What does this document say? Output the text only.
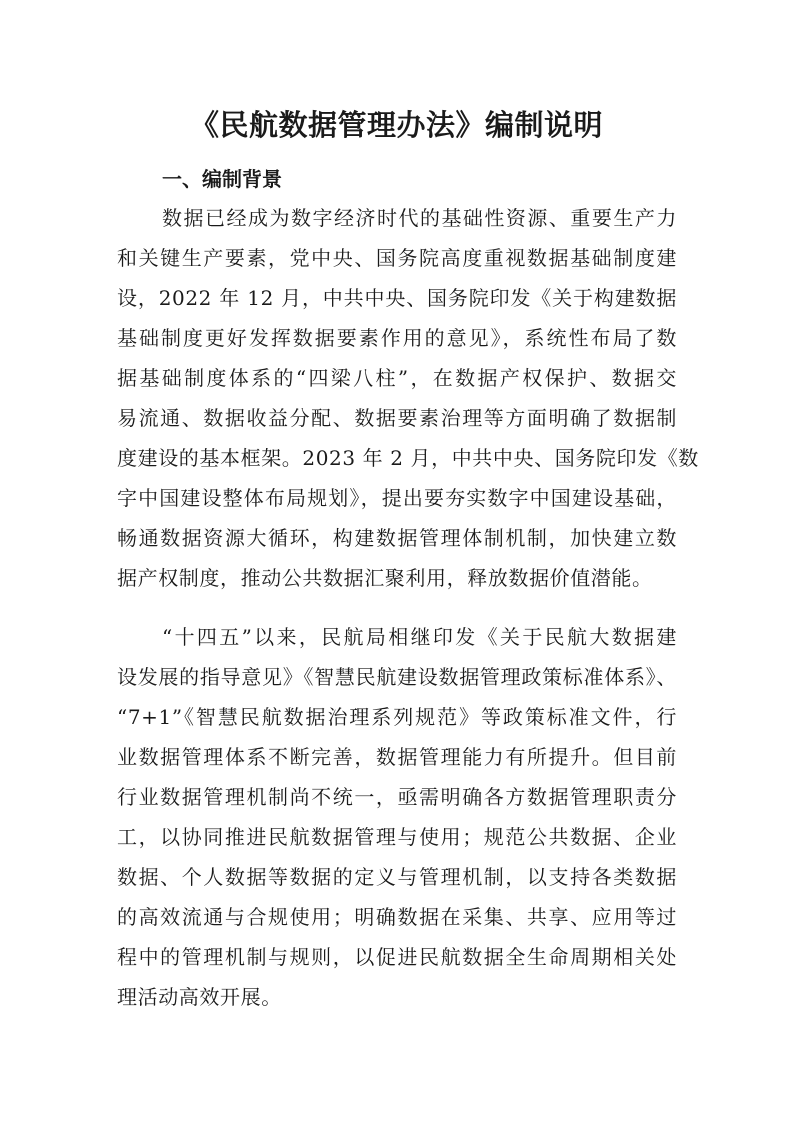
《民航数据管理办法》编制说明
一、编制背景
数据已经成为数字经济时代的基础性资源、重要生产力
和关键生产要素，党中央、国务院高度重视数据基础制度建
设，2022 年 12 月，中共中央、国务院印发《关于构建数据
基础制度更好发挥数据要素作用的意见》，系统性布局了数
据基础制度体系的“四梁八柱”，在数据产权保护、数据交
易流通、数据收益分配、数据要素治理等方面明确了数据制
度建设的基本框架。2023 年 2 月，中共中央、国务院印发《数
字中国建设整体布局规划》，提出要夯实数字中国建设基础，
畅通数据资源大循环，构建数据管理体制机制，加快建立数
据产权制度，推动公共数据汇聚利用，释放数据价值潜能。
“十四五”以来，民航局相继印发《关于民航大数据建
设发展的指导意见》《智慧民航建设数据管理政策标准体系》、
“7+1”《智慧民航数据治理系列规范》等政策标准文件，行
业数据管理体系不断完善，数据管理能力有所提升。但目前
行业数据管理机制尚不统一，亟需明确各方数据管理职责分
工，以协同推进民航数据管理与使用；规范公共数据、企业
数据、个人数据等数据的定义与管理机制，以支持各类数据
的高效流通与合规使用；明确数据在采集、共享、应用等过
程中的管理机制与规则，以促进民航数据全生命周期相关处
理活动高效开展。
